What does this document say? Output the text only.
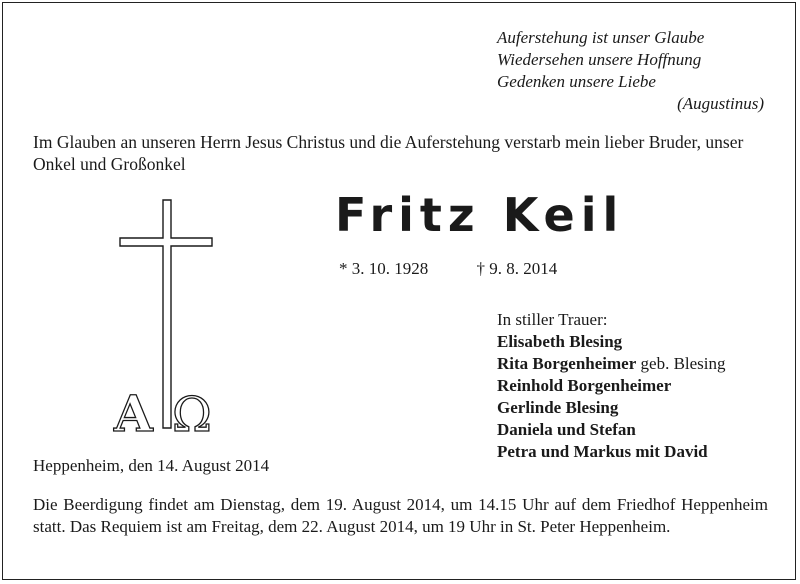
Auferstehung ist unser Glaube
Wiedersehen unsere Hoffnung
Gedenken unsere Liebe
(Augustinus)
Im Glauben an unseren Herrn Jesus Christus und die Auferstehung verstarb mein lieber Bruder, unser Onkel und Großonkel
Fritz Keil
* 3. 10. 1928	† 9. 8. 2014
A Ω
In stiller Trauer:
Elisabeth Blesing
Rita Borgenheimer geb. Blesing
Reinhold Borgenheimer
Gerlinde Blesing
Daniela und Stefan
Petra und Markus mit David
Heppenheim, den 14. August 2014
Die Beerdigung findet am Dienstag, dem 19. August 2014, um 14.15 Uhr auf dem Friedhof Heppenheim statt. Das Requiem ist am Freitag, dem 22. August 2014, um 19 Uhr in St. Peter Heppenheim.
